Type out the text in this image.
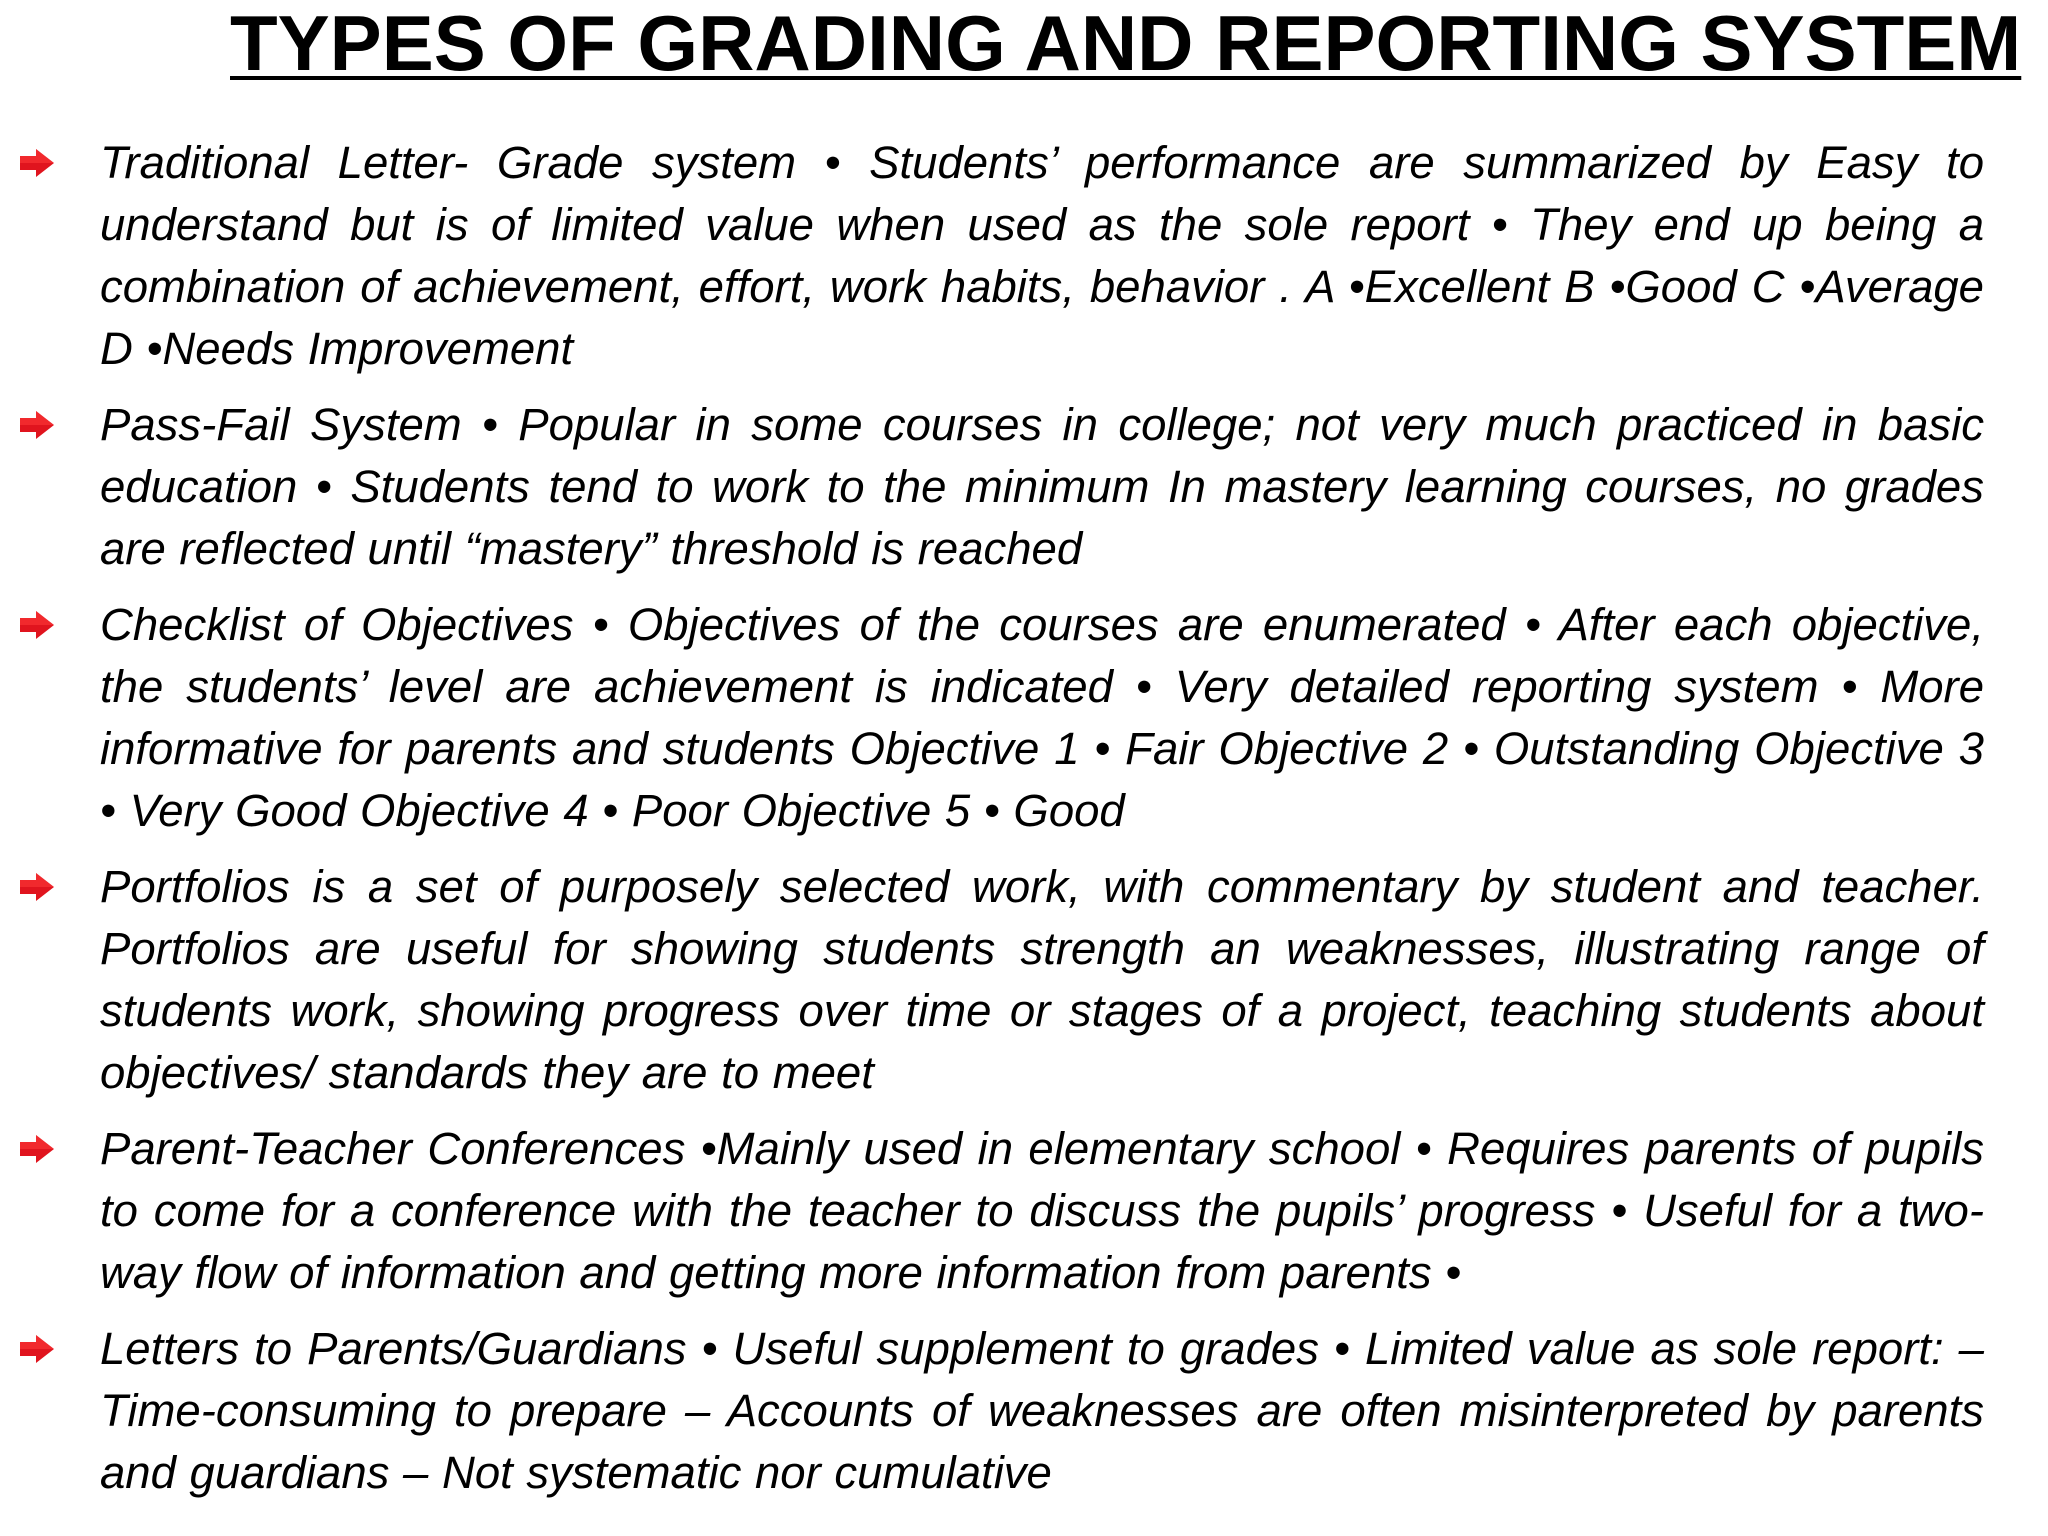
TYPES OF GRADING AND REPORTING SYSTEM
Traditional Letter- Grade system • Students’ performance are summarized by Easy to understand but is of limited value when used as the sole report • They end up being a combination of achievement, effort, work habits, behavior . A •Excellent B •Good C •Average D •Needs Improvement
Pass-Fail System • Popular in some courses in college; not very much practiced in basic education • Students tend to work to the minimum In mastery learning courses, no grades are reflected until “mastery” threshold is reached
Checklist of Objectives • Objectives of the courses are enumerated • After each objective, the students’ level are achievement is indicated • Very detailed reporting system • More informative for parents and students Objective 1 • Fair Objective 2 • Outstanding Objective 3 • Very Good Objective 4 • Poor Objective 5 • Good
Portfolios is a set of purposely selected work, with commentary by student and teacher. Portfolios are useful for showing students strength an weaknesses, illustrating range of students work, showing progress over time or stages of a project, teaching students about objectives/ standards they are to meet
Parent-Teacher Conferences •Mainly used in elementary school • Requires parents of pupils to come for a conference with the teacher to discuss the pupils’ progress • Useful for a two-way flow of information and getting more information from parents •
Letters to Parents/Guardians • Useful supplement to grades • Limited value as sole report: – Time-consuming to prepare – Accounts of weaknesses are often misinterpreted by parents and guardians – Not systematic nor cumulative
